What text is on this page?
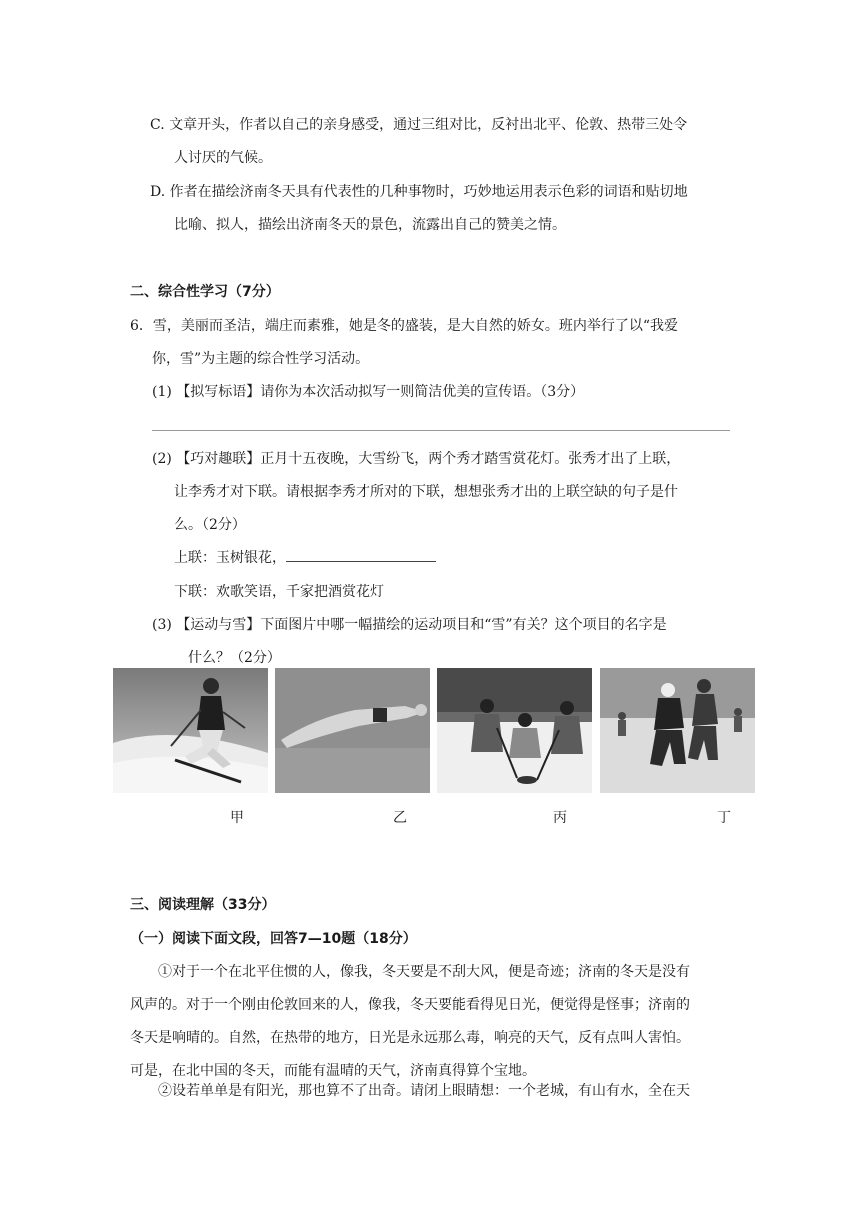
C. 文章开头，作者以自己的亲身感受，通过三组对比，反衬出北平、伦敦、热带三处令
人讨厌的气候。
D. 作者在描绘济南冬天具有代表性的几种事物时，巧妙地运用表示色彩的词语和贴切地
比喻、拟人，描绘出济南冬天的景色，流露出自己的赞美之情。
二、综合性学习（7分）
6．雪，美丽而圣洁，端庄而素雅，她是冬的盛装，是大自然的娇女。班内举行了以“我爱
你，雪”为主题的综合性学习活动。
(1) 【拟写标语】请你为本次活动拟写一则简洁优美的宣传语。（3分）
(2) 【巧对趣联】正月十五夜晚，大雪纷飞，两个秀才踏雪赏花灯。张秀才出了上联，
让李秀才对下联。请根据李秀才所对的下联，想想张秀才出的上联空缺的句子是什
么。（2分）
上联：玉树银花，
下联：欢歌笑语，千家把酒赏花灯
(3) 【运动与雪】下面图片中哪一幅描绘的运动项目和“雪”有关？这个项目的名字是
什么？（2分）
甲	乙	丙	丁
三、阅读理解（33分）
（一）阅读下面文段，回答7—10题（18分）
①对于一个在北平住惯的人，像我，冬天要是不刮大风，便是奇迹；济南的冬天是没有
风声的。对于一个刚由伦敦回来的人，像我，冬天要能看得见日光，便觉得是怪事；济南的
冬天是响晴的。自然，在热带的地方，日光是永远那么毒，响亮的天气，反有点叫人害怕。
可是，在北中国的冬天，而能有温晴的天气，济南真得算个宝地。
②设若单单是有阳光，那也算不了出奇。请闭上眼睛想：一个老城，有山有水，全在天
